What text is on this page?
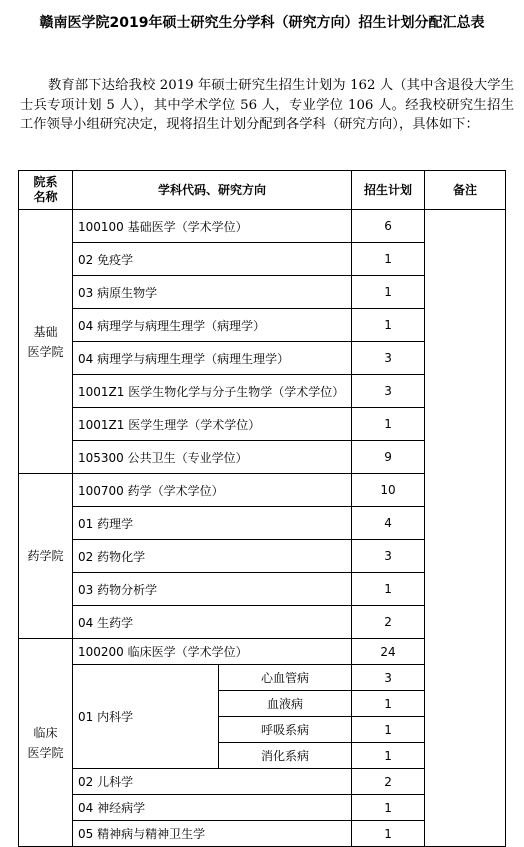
赣南医学院2019年硕士研究生分学科（研究方向）招生计划分配汇总表
教育部下达给我校 2019 年硕士研究生招生计划为 162 人（其中含退役大学生士兵专项计划 5 人），其中学术学位 56 人，专业学位 106 人。经我校研究生招生工作领导小组研究决定，现将招生计划分配到各学科（研究方向），具体如下：
院系
名称	学科代码、研究方向		招生计划	备注
基础
医学院	100100 基础医学（学术学位）		6	
	02 免疫学		1	
	03 病原生物学		1	
	04 病理学与病理生理学（病理学）		1	
	04 病理学与病理生理学（病理生理学）		3	
	1001Z1 医学生物化学与分子生物学（学术学位）		3	
	1001Z1 医学生理学（学术学位）		1	
	105300 公共卫生（专业学位）		9	
药学院	100700 药学（学术学位）		10	
	01 药理学		4	
	02 药物化学		3	
	03 药物分析学		1	
	04 生药学		2	
临床
医学院	100200 临床医学（学术学位）		24	
	01 内科学	心血管病	3	
		血液病	1	
		呼吸系病	1	
		消化系病	1	
	02 儿科学		2	
	04 神经病学		1	
	05 精神病与精神卫生学		1	
